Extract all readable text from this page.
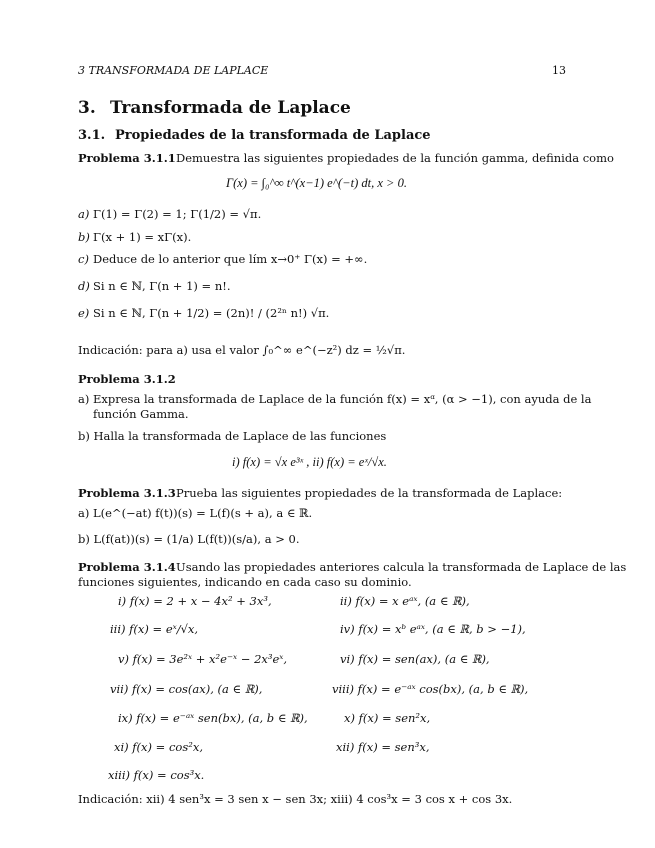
3 TRANSFORMADA DE LAPLACE	13
3. Transformada de Laplace
3.1. Propiedades de la transformada de Laplace
Problema 3.1.1 Demuestra las siguientes propiedades de la función gamma, definida como
Γ(x) = ∫₀^∞ t^(x−1) e^(−t) dt, x > 0.
a) Γ(1) = Γ(2) = 1; Γ(1/2) = √π.
b) Γ(x + 1) = xΓ(x).
c) Deduce de lo anterior que lím x→0⁺ Γ(x) = +∞.
d) Si n ∈ ℕ, Γ(n + 1) = n!.
e) Si n ∈ ℕ, Γ(n + 1/2) = (2n)! / (2²ⁿ n!) √π.
Indicación: para a) usa el valor ∫₀^∞ e^(−z²) dz = ½√π.
Problema 3.1.2
a) Expresa la transformada de Laplace de la función f(x) = xᵅ, (α > −1), con ayuda de la
función Gamma.
b) Halla la transformada de Laplace de las funciones
i) f(x) = √x e³ˣ , ii) f(x) = eˣ/√x.
Problema 3.1.3 Prueba las siguientes propiedades de la transformada de Laplace:
a) L(e^(−at) f(t))(s) = L(f)(s + a), a ∈ ℝ.
b) L(f(at))(s) = (1/a) L(f(t))(s/a), a > 0.
Problema 3.1.4 Usando las propiedades anteriores calcula la transformada de Laplace de las
funciones siguientes, indicando en cada caso su dominio.
i) f(x) = 2 + x − 4x² + 3x³,	ii) f(x) = x eᵃˣ, (a ∈ ℝ),
iii) f(x) = eˣ/√x,	iv) f(x) = xᵇ eᵃˣ, (a ∈ ℝ, b > −1),
v) f(x) = 3e²ˣ + x²e⁻ˣ − 2x³eˣ,	vi) f(x) = sen(ax), (a ∈ ℝ),
vii) f(x) = cos(ax), (a ∈ ℝ),	viii) f(x) = e⁻ᵃˣ cos(bx), (a, b ∈ ℝ),
ix) f(x) = e⁻ᵃˣ sen(bx), (a, b ∈ ℝ),	x) f(x) = sen²x,
xi) f(x) = cos²x,	xii) f(x) = sen³x,
xiii) f(x) = cos³x.
Indicación: xii) 4 sen³x = 3 sen x − sen 3x; xiii) 4 cos³x = 3 cos x + cos 3x.
